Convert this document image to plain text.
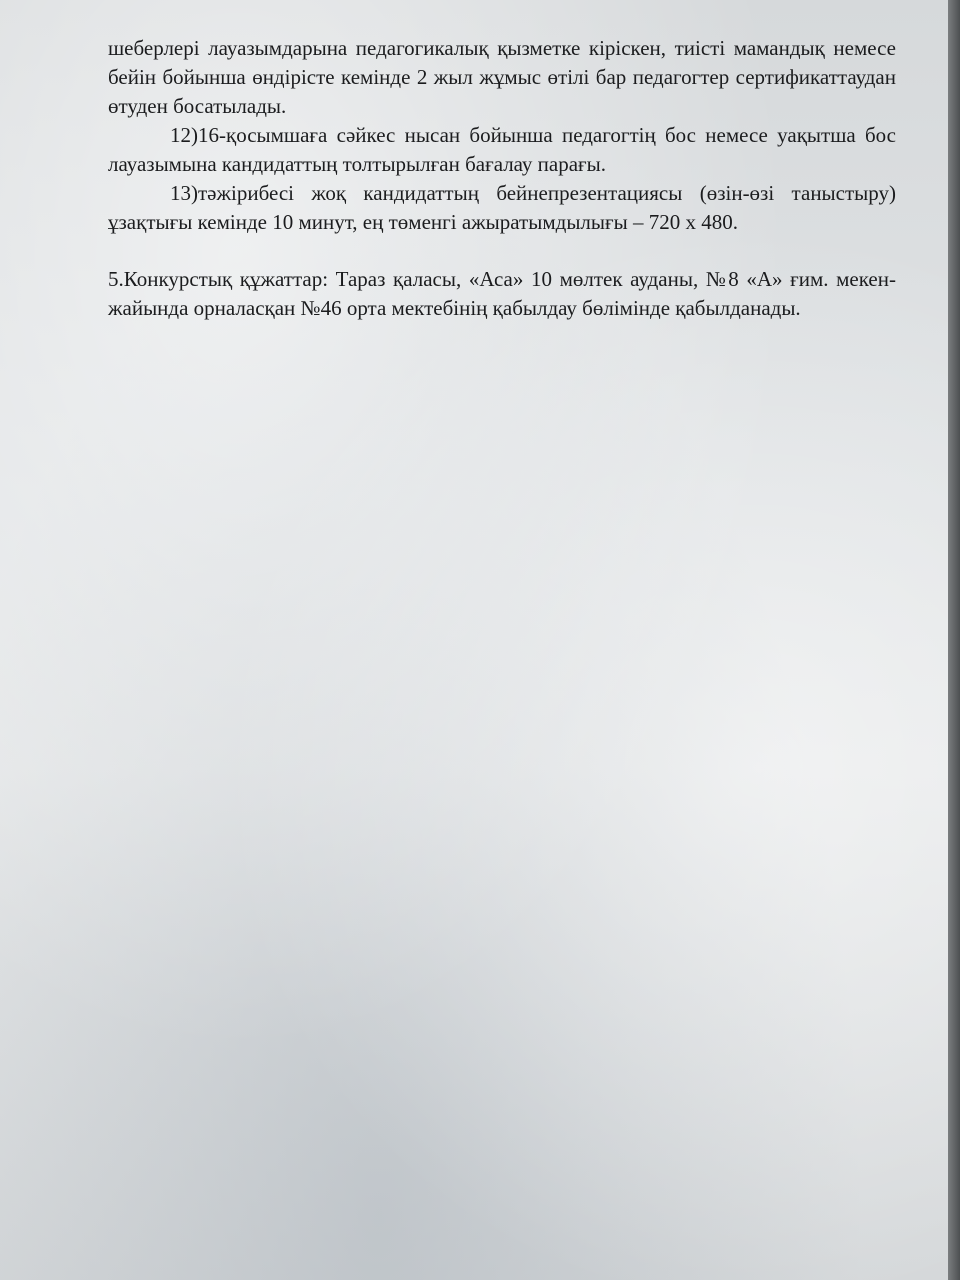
шеберлері лауазымдарына педагогикалық қызметке кіріскен, тиісті мамандық немесе бейін бойынша өндірісте кемінде 2 жыл жұмыс өтілі бар педагогтер сертификаттаудан өтуден босатылады.

12)16-қосымшаға сәйкес нысан бойынша педагогтің бос немесе уақытша бос лауазымына кандидаттың толтырылған бағалау парағы.

13)тәжірибесі жоқ кандидаттың бейнепрезентациясы (өзін-өзі таныстыру) ұзақтығы кемінде 10 минут, ең төменгі ажыратымдылығы – 720 х 480.

5.Конкурстық құжаттар: Тараз қаласы, «Аса» 10 мөлтек ауданы, №8 «А» ғим. мекен-жайында орналасқан №46 орта мектебінің қабылдау бөлімінде қабылданады.
